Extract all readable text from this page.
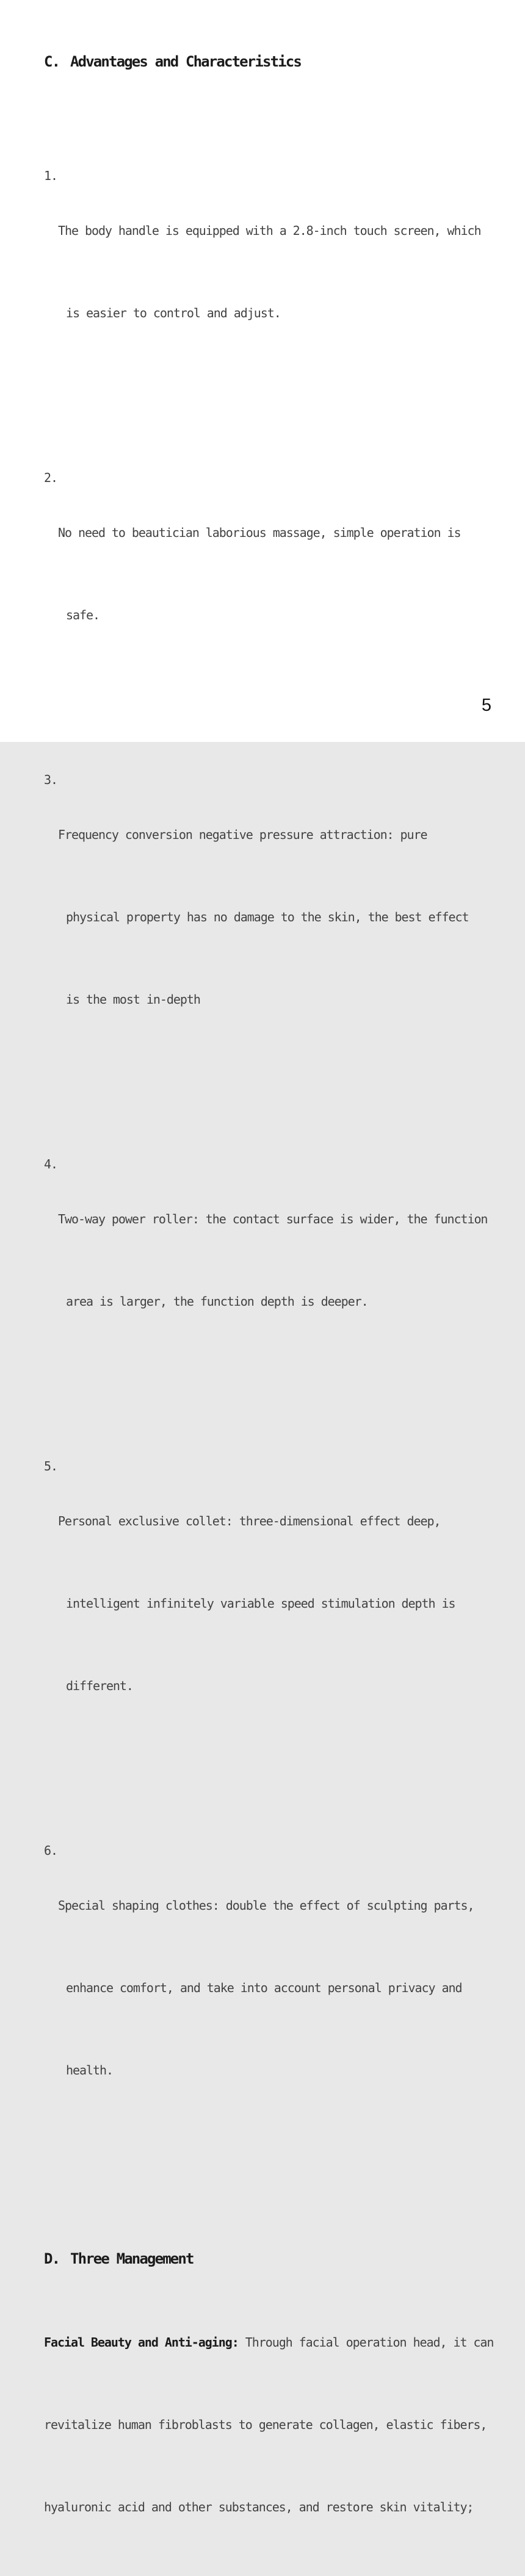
C. Advantages and Characteristics

1.

The body handle is equipped with a 2.8-inch touch screen, which

is easier to control and adjust.

2.

No need to beautician laborious massage, simple operation is

safe.

3.

Frequency conversion negative pressure attraction: pure

physical property has no damage to the skin, the best effect

is the most in-depth

4.

Two-way power roller: the contact surface is wider, the function

area is larger, the function depth is deeper.

5.

Personal exclusive collet: three-dimensional effect deep,

intelligent infinitely variable speed stimulation depth is

different.

6.

Special shaping clothes: double the effect of sculpting parts,

enhance comfort, and take into account personal privacy and

health.

D. Three Management

Facial Beauty and Anti-aging: Through facial operation head, it can

revitalize human fibroblasts to generate collagen, elastic fibers,

hyaluronic acid and other substances, and restore skin vitality;

5
